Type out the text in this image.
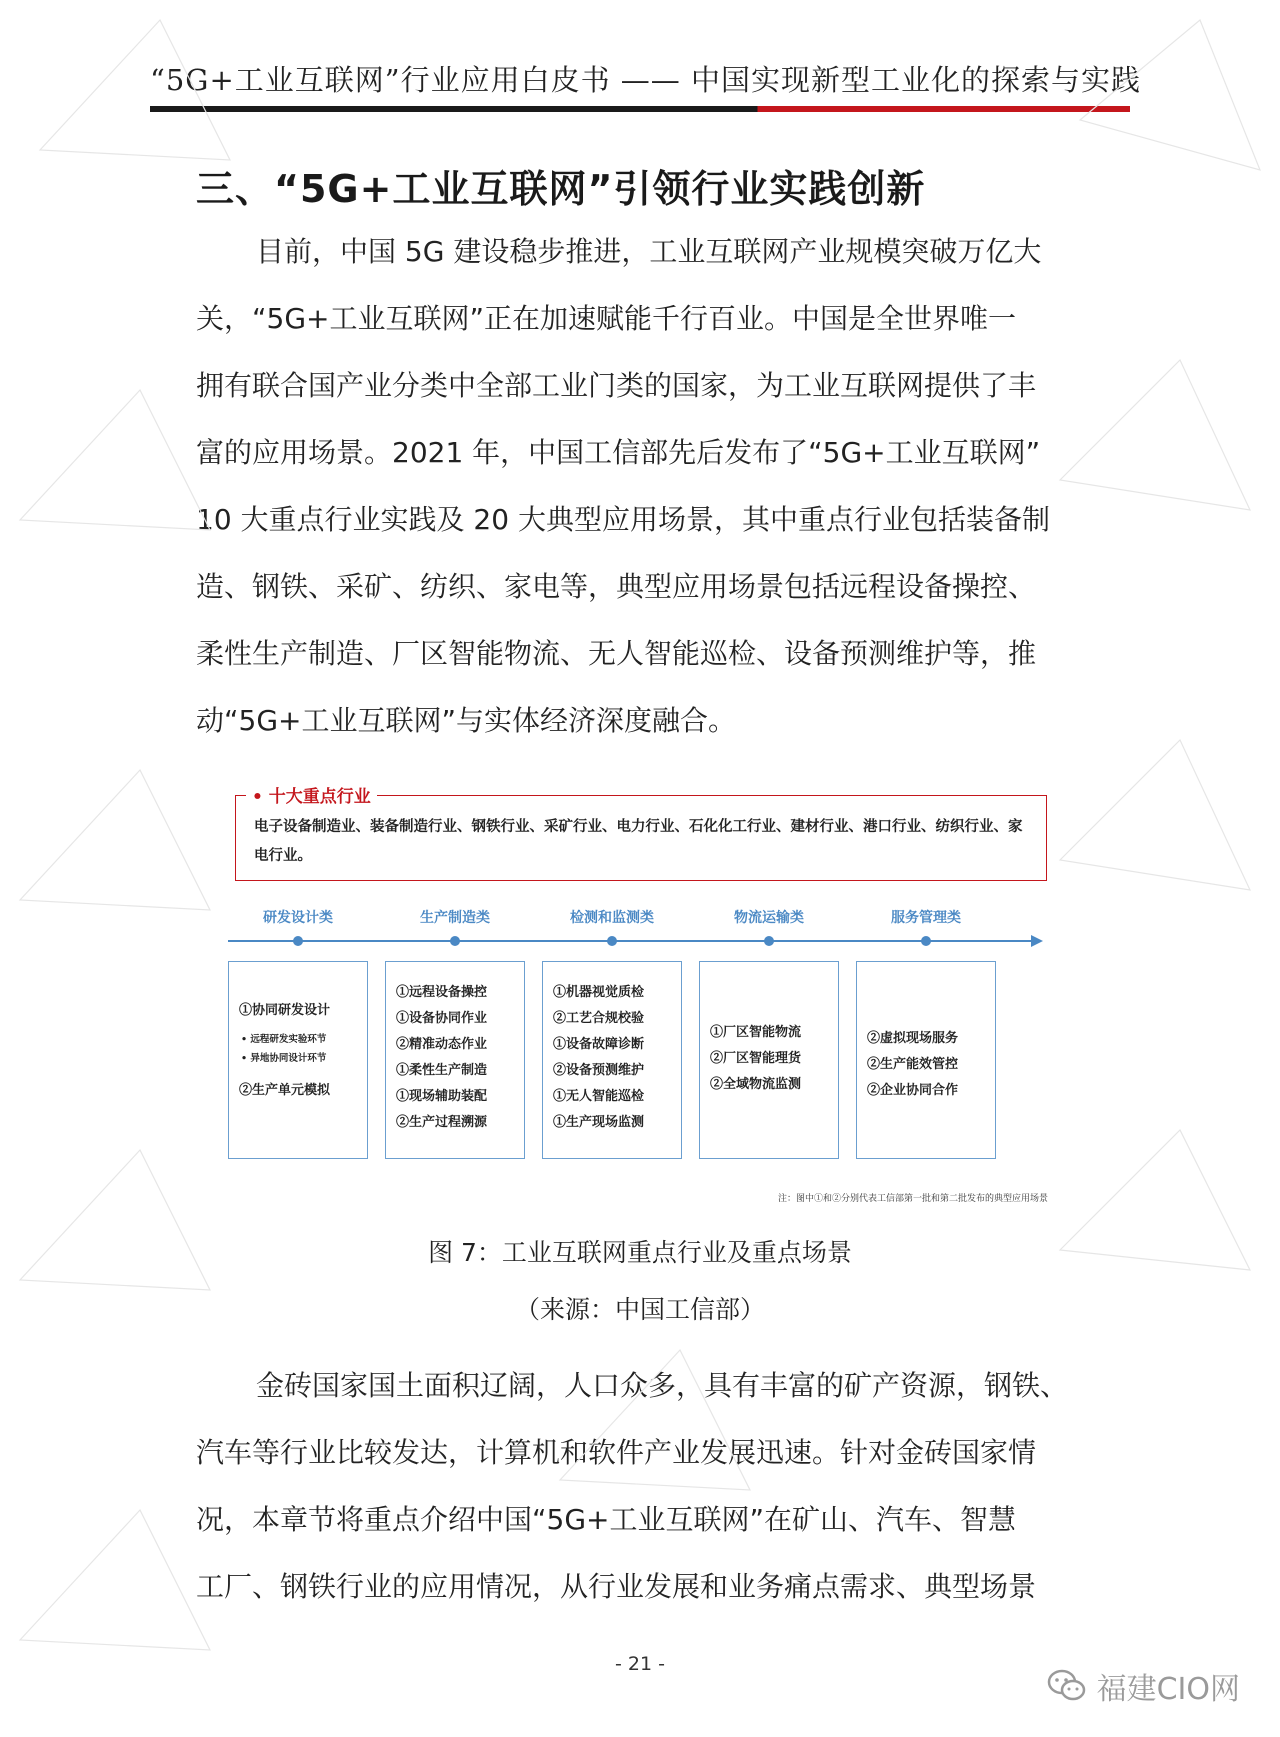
“5G+工业互联网”行业应用白皮书 —— 中国实现新型工业化的探索与实践
三、“5G+工业互联网”引领行业实践创新
目前，中国 5G 建设稳步推进，工业互联网产业规模突破万亿大
关，“5G+工业互联网”正在加速赋能千行百业。中国是全世界唯一
拥有联合国产业分类中全部工业门类的国家，为工业互联网提供了丰
富的应用场景。2021 年，中国工信部先后发布了“5G+工业互联网”
10 大重点行业实践及 20 大典型应用场景，其中重点行业包括装备制
造、钢铁、采矿、纺织、家电等，典型应用场景包括远程设备操控、
柔性生产制造、厂区智能物流、无人智能巡检、设备预测维护等，推
动“5G+工业互联网”与实体经济深度融合。
• 十大重点行业
电子设备制造业、装备制造行业、钢铁行业、采矿行业、电力行业、石化化工行业、建材行业、港口行业、纺织行业、家电行业。
研发设计类	生产制造类	检测和监测类	物流运输类	服务管理类
①协同研发设计
• 远程研发实验环节
• 异地协同设计环节
②生产单元模拟
①远程设备操控
①设备协同作业
②精准动态作业
①柔性生产制造
①现场辅助装配
②生产过程溯源
①机器视觉质检
②工艺合规校验
①设备故障诊断
②设备预测维护
①无人智能巡检
①生产现场监测
①厂区智能物流
②厂区智能理货
②全域物流监测
②虚拟现场服务
②生产能效管控
②企业协同合作
注：图中①和②分别代表工信部第一批和第二批发布的典型应用场景
图 7：工业互联网重点行业及重点场景
（来源：中国工信部）
金砖国家国土面积辽阔，人口众多，具有丰富的矿产资源，钢铁、
汽车等行业比较发达，计算机和软件产业发展迅速。针对金砖国家情
况，本章节将重点介绍中国“5G+工业互联网”在矿山、汽车、智慧
工厂、钢铁行业的应用情况，从行业发展和业务痛点需求、典型场景
- 21 -
福建CIO网
